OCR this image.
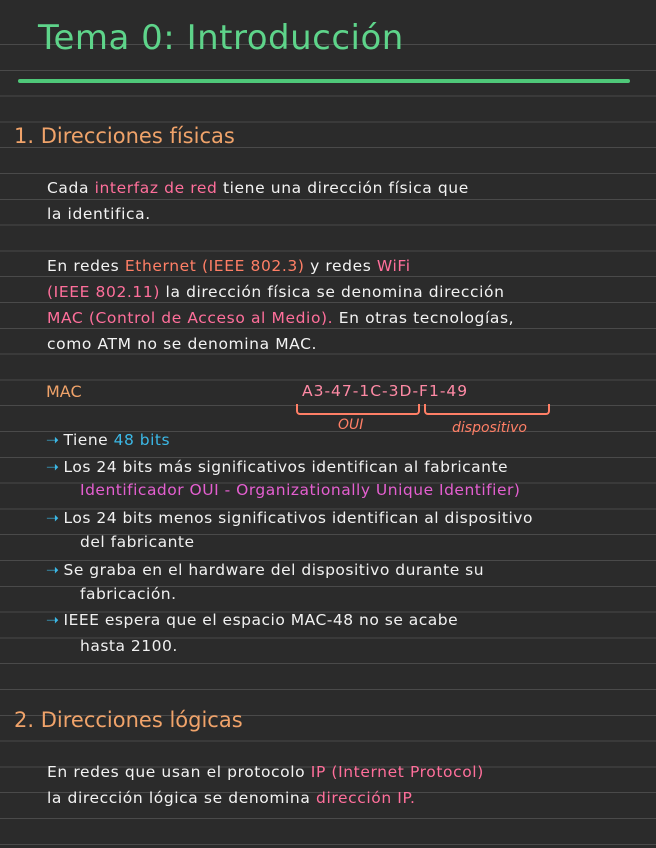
Tema 0: Introducción
1. Direcciones físicas
Cada interfaz de red tiene una dirección física que
la identifica.
En redes Ethernet (IEEE 802.3) y redes WiFi
(IEEE 802.11) la dirección física se denomina dirección
MAC (Control de Acceso al Medio). En otras tecnologías,
como ATM no se denomina MAC.
MAC	A3-47-1C-3D-F1-49
OUI	dispositivo
➝ Tiene 48 bits
➝ Los 24 bits más significativos identifican al fabricante
Identificador OUI - Organizationally Unique Identifier)
➝ Los 24 bits menos significativos identifican al dispositivo
del fabricante
➝ Se graba en el hardware del dispositivo durante su
fabricación.
➝ IEEE espera que el espacio MAC-48 no se acabe
hasta 2100.
2. Direcciones lógicas
En redes que usan el protocolo IP (Internet Protocol)
la dirección lógica se denomina dirección IP.
